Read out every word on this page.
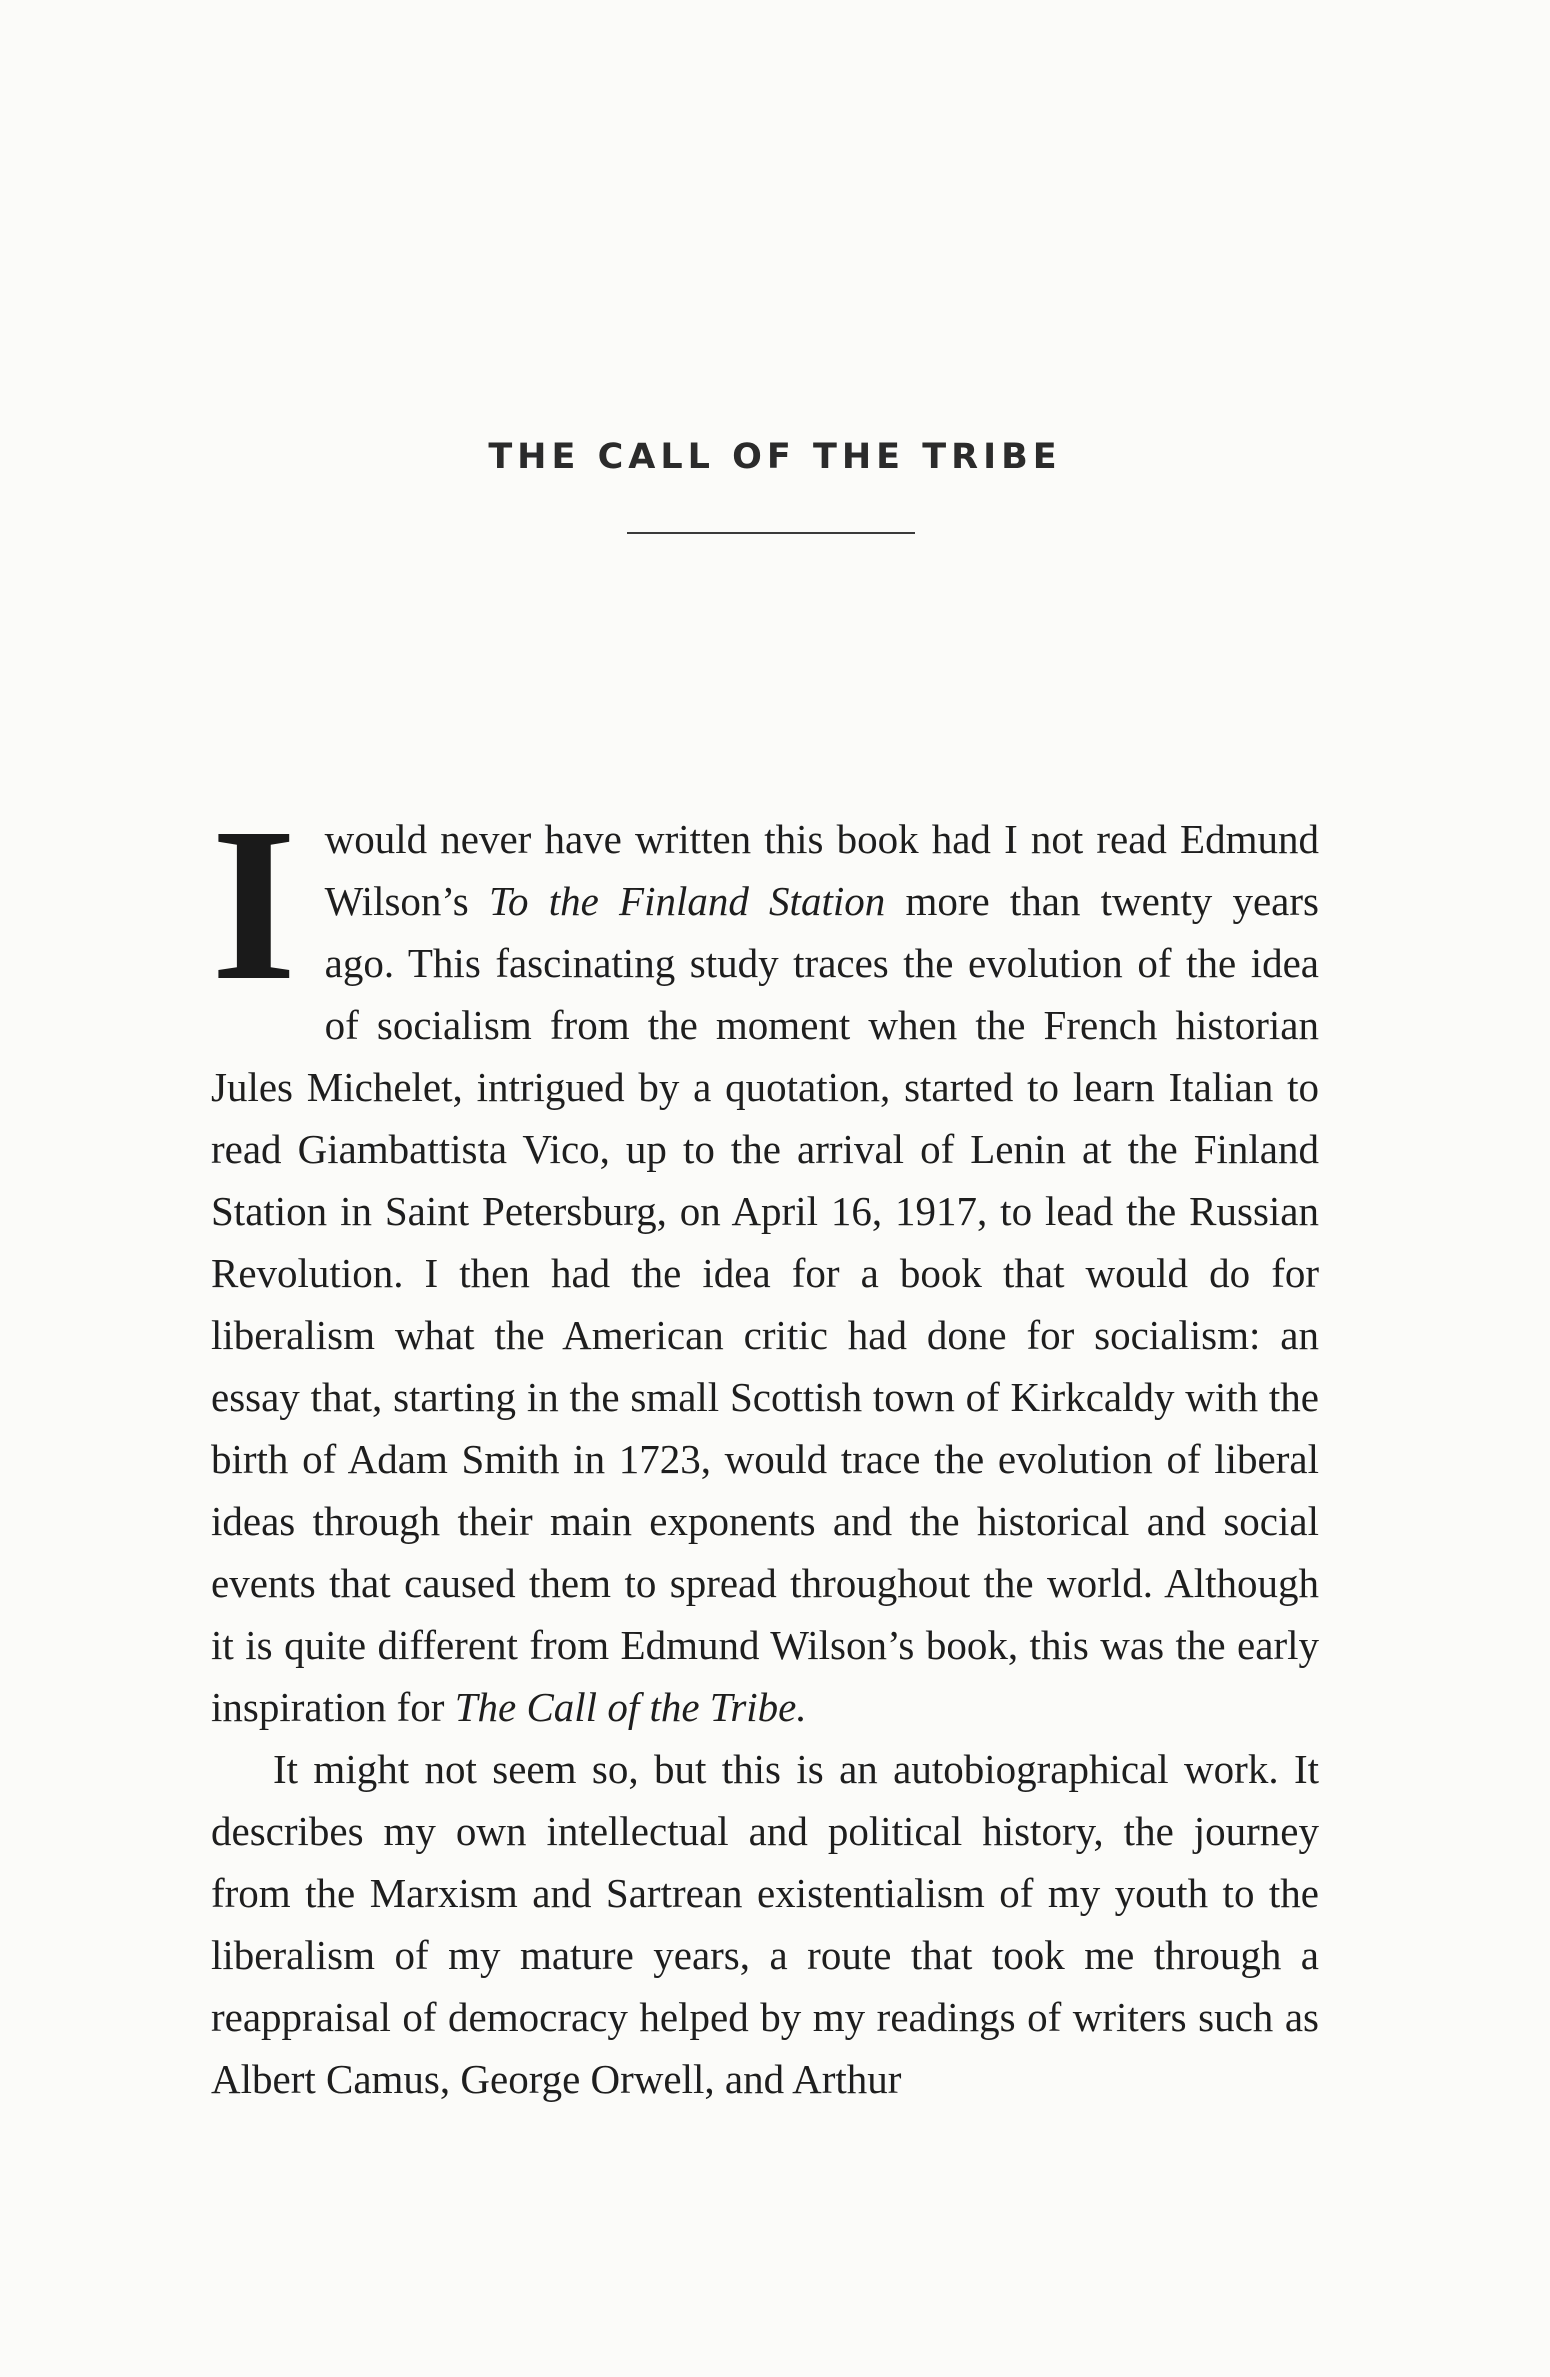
THE CALL OF THE TRIBE

I would never have written this book had I not read Edmund Wilson’s To the Finland Station more than twenty years ago. This fascinating study traces the evolution of the idea of socialism from the moment when the French historian Jules Michelet, intrigued by a quotation, started to learn Italian to read Giambattista Vico, up to the arrival of Lenin at the Finland Station in Saint Petersburg, on April 16, 1917, to lead the Russian Revolution. I then had the idea for a book that would do for liberalism what the American critic had done for socialism: an essay that, starting in the small Scottish town of Kirkcaldy with the birth of Adam Smith in 1723, would trace the evolution of liberal ideas through their main exponents and the historical and social events that caused them to spread throughout the world. Although it is quite different from Edmund Wilson’s book, this was the early inspiration for The Call of the Tribe.

It might not seem so, but this is an autobiographical work. It describes my own intellectual and political history, the journey from the Marxism and Sartrean existentialism of my youth to the liberalism of my mature years, a route that took me through a reappraisal of democracy helped by my readings of writers such as Albert Camus, George Orwell, and Arthur
